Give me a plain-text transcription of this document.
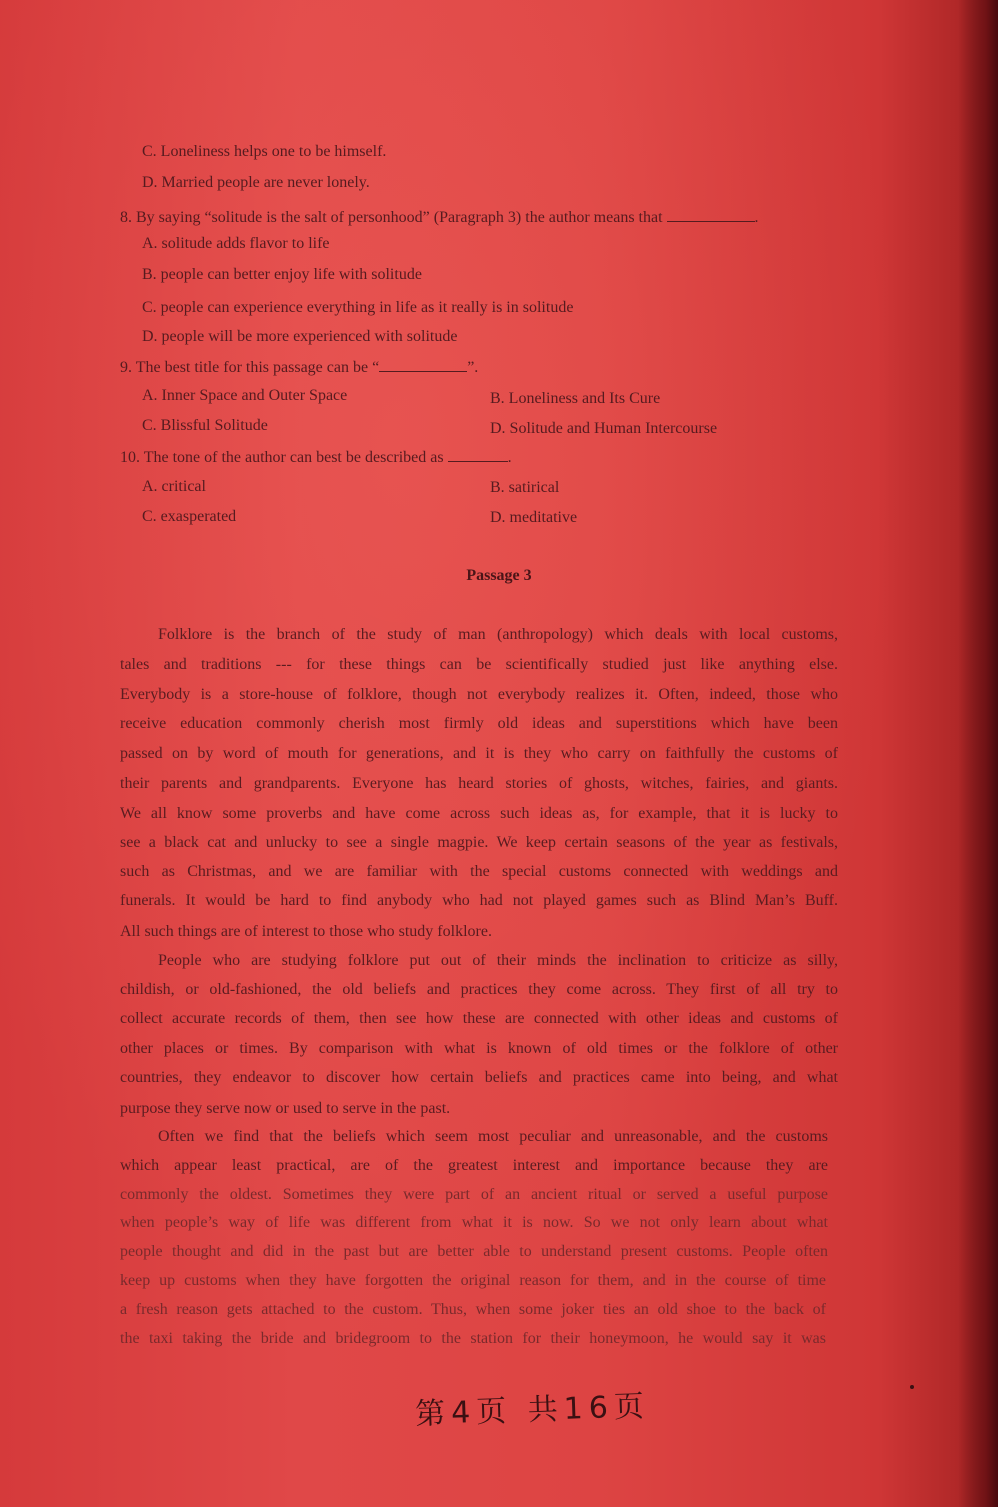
C. Loneliness helps one to be himself.
D. Married people are never lonely.
8. By saying “solitude is the salt of personhood” (Paragraph 3) the author means that	.
A. solitude adds flavor to life
B. people can better enjoy life with solitude
C. people can experience everything in life as it really is in solitude
D. people will be more experienced with solitude
9. The best title for this passage can be “	”.
A. Inner Space and Outer Space	B. Loneliness and Its Cure
C. Blissful Solitude	D. Solitude and Human Intercourse
10. The tone of the author can best be described as	.
A. critical	B. satirical
C. exasperated	D. meditative
Passage 3
Folklore is the branch of the study of man (anthropology) which deals with local customs,
tales and traditions --- for these things can be scientifically studied just like anything else.
Everybody is a store-house of folklore, though not everybody realizes it. Often, indeed, those who
receive education commonly cherish most firmly old ideas and superstitions which have been
passed on by word of mouth for generations, and it is they who carry on faithfully the customs of
their parents and grandparents. Everyone has heard stories of ghosts, witches, fairies, and giants.
We all know some proverbs and have come across such ideas as, for example, that it is lucky to
see a black cat and unlucky to see a single magpie. We keep certain seasons of the year as festivals,
such as Christmas, and we are familiar with the special customs connected with weddings and
funerals. It would be hard to find anybody who had not played games such as Blind Man’s Buff.
All such things are of interest to those who study folklore.
People who are studying folklore put out of their minds the inclination to criticize as silly,
childish, or old-fashioned, the old beliefs and practices they come across. They first of all try to
collect accurate records of them, then see how these are connected with other ideas and customs of
other places or times. By comparison with what is known of old times or the folklore of other
countries, they endeavor to discover how certain beliefs and practices came into being, and what
purpose they serve now or used to serve in the past.
Often we find that the beliefs which seem most peculiar and unreasonable, and the customs
which appear least practical, are of the greatest interest and importance because they are
commonly the oldest. Sometimes they were part of an ancient ritual or served a useful purpose
when people’s way of life was different from what it is now. So we not only learn about what
people thought and did in the past but are better able to understand present customs. People often
keep up customs when they have forgotten the original reason for them, and in the course of time
a fresh reason gets attached to the custom. Thus, when some joker ties an old shoe to the back of
the taxi taking the bride and bridegroom to the station for their honeymoon, he would say it was
第4页 共16页
